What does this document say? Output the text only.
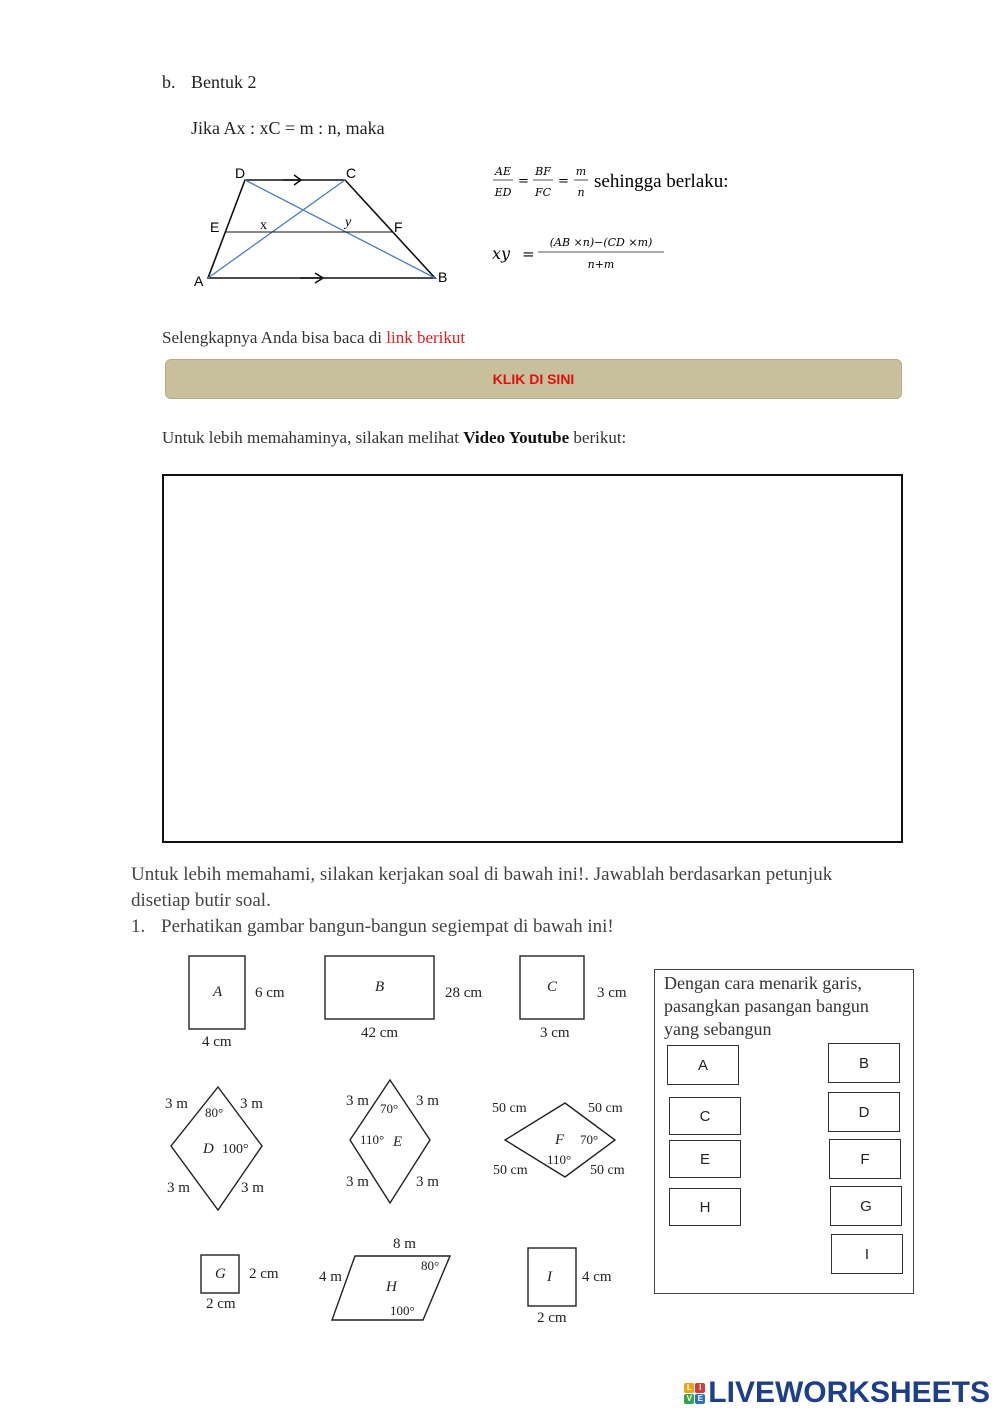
b. Bentuk 2
Jika Ax : xC = m : n, maka
D	C
E	F
A	B
x	y
AE
ED
BF
FC
m
n
= = sehingga berlaku:
xy =
(AB ×n)−(CD ×m)
n+m
Selengkapnya Anda bisa baca di link berikut
KLIK DI SINI
Untuk lebih memahaminya, silakan melihat Video Youtube berikut:
Untuk lebih memahami, silakan kerjakan soal di bawah ini!. Jawablah berdasarkan petunjuk
disetiap butir soal.
1. Perhatikan gambar bangun-bangun segiempat di bawah ini!
A 6 cm
4 cm
B	28 cm
42 cm
C	3 cm
3 cm
3 m	3 m
3 m	3 m
80°
D 100°
3 m	3 m
3 m	3 m
70°
110° E
50 cm	50 cm
50 cm	50 cm
F 70°
110°
G 2 cm
2 cm
8 m
4 m
80°
H
100°
I 4 cm
2 cm
Dengan cara menarik garis,
pasangkan pasangan bangun
yang sebangun
A
C
E
H
B
D
F
G
I
L I
V E LIVEWORKSHEETS
